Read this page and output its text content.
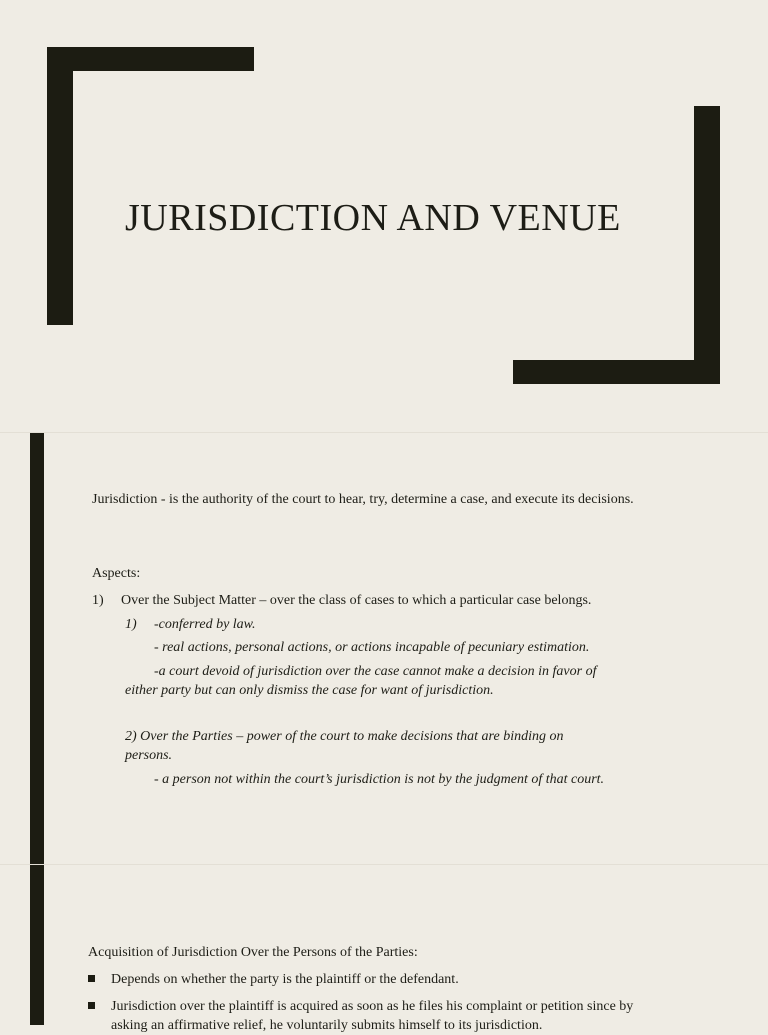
JURISDICTION AND VENUE

Jurisdiction - is the authority of the court to hear, try, determine a case, and execute its decisions.

Aspects:

1) Over the Subject Matter – over the class of cases to which a particular case belongs.

1) -conferred by law.

- real actions, personal actions, or actions incapable of pecuniary estimation.

-a court devoid of jurisdiction over the case cannot make a decision in favor of

either party but can only dismiss the case for want of jurisdiction.

2) Over the Parties – power of the court to make decisions that are binding on

persons.

- a person not within the court’s jurisdiction is not by the judgment of that court.

Acquisition of Jurisdiction Over the Persons of the Parties:

Depends on whether the party is the plaintiff or the defendant.
Jurisdiction over the plaintiff is acquired as soon as he files his complaint or petition since by asking an affirmative relief, he voluntarily submits himself to its jurisdiction.
